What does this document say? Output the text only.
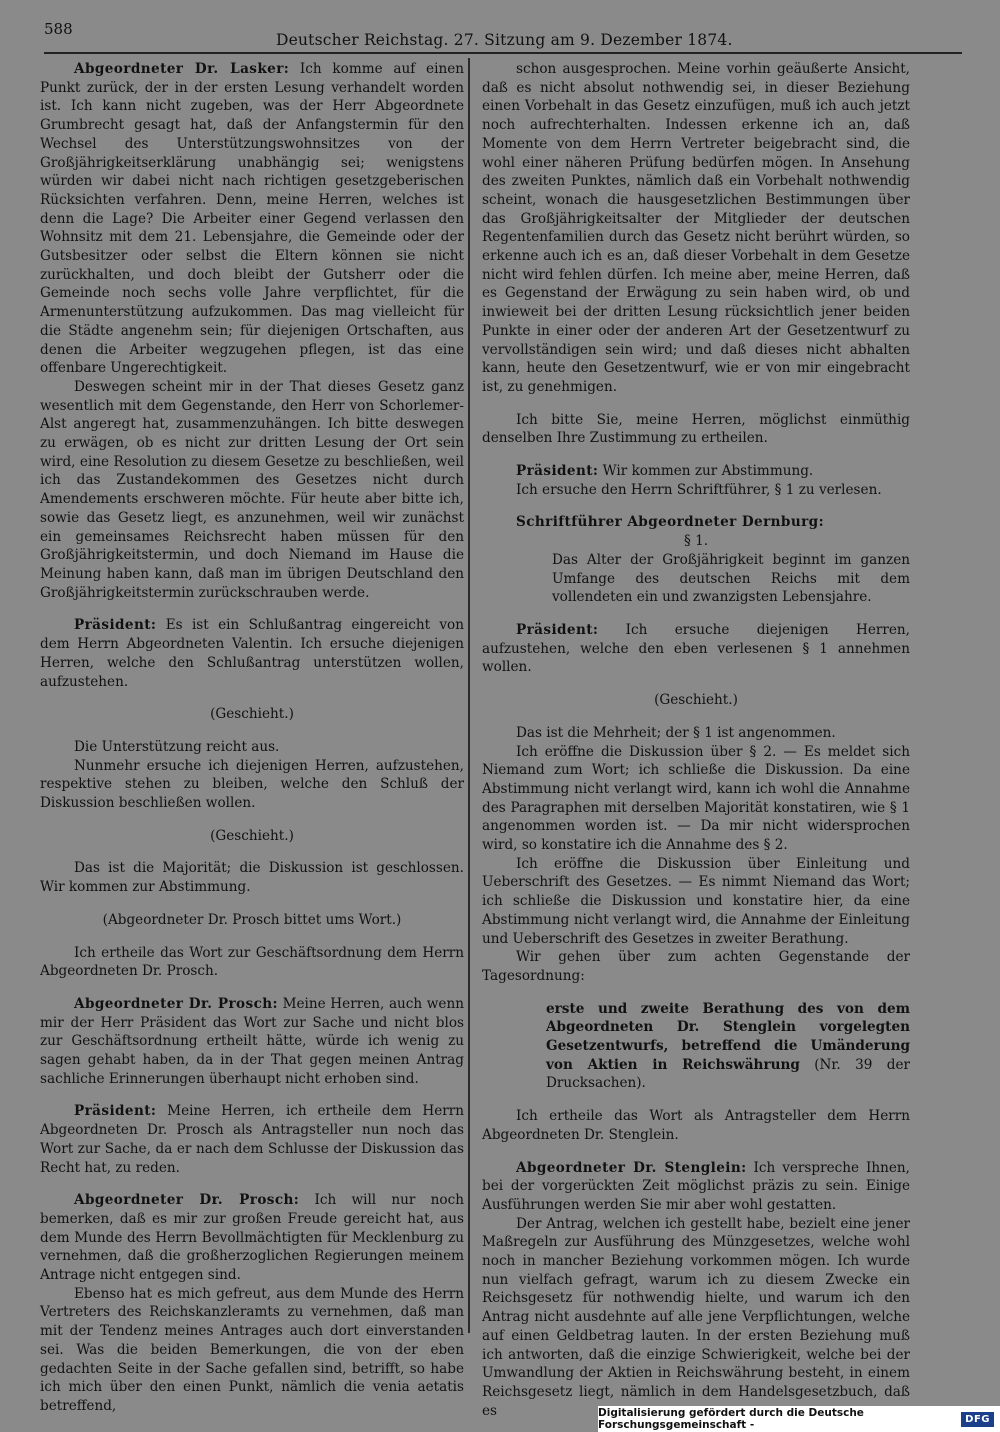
588
Deutscher Reichstag. 27. Sitzung am 9. Dezember 1874.

Abgeordneter Dr. Lasker: Ich komme auf einen Punkt zurück, der in der ersten Lesung verhandelt worden ist. Ich kann nicht zugeben, was der Herr Abgeordnete Grumbrecht gesagt hat, daß der Anfangstermin für den Wechsel des Unterstützungswohnsitzes von der Großjährigkeitserklärung unabhängig sei; wenigstens würden wir dabei nicht nach richtigen gesetzgeberischen Rücksichten verfahren. Denn, meine Herren, welches ist denn die Lage? Die Arbeiter einer Gegend verlassen den Wohnsitz mit dem 21. Lebensjahre, die Gemeinde oder der Gutsbesitzer oder selbst die Eltern können sie nicht zurückhalten, und doch bleibt der Gutsherr oder die Gemeinde noch sechs volle Jahre verpflichtet, für die Armenunterstützung aufzukommen. Das mag vielleicht für die Städte angenehm sein; für diejenigen Ortschaften, aus denen die Arbeiter wegzugehen pflegen, ist das eine offenbare Ungerechtigkeit.

Deswegen scheint mir in der That dieses Gesetz ganz wesentlich mit dem Gegenstande, den Herr von Schorlemer-Alst angeregt hat, zusammenzuhängen. Ich bitte deswegen zu erwägen, ob es nicht zur dritten Lesung der Ort sein wird, eine Resolution zu diesem Gesetze zu beschließen, weil ich das Zustandekommen des Gesetzes nicht durch Amendements erschweren möchte. Für heute aber bitte ich, sowie das Gesetz liegt, es anzunehmen, weil wir zunächst ein gemeinsames Reichsrecht haben müssen für den Großjährigkeitstermin, und doch Niemand im Hause die Meinung haben kann, daß man im übrigen Deutschland den Großjährigkeitstermin zurückschrauben werde.

Präsident: Es ist ein Schlußantrag eingereicht von dem Herrn Abgeordneten Valentin. Ich ersuche diejenigen Herren, welche den Schlußantrag unterstützen wollen, aufzustehen.

(Geschieht.)

Die Unterstützung reicht aus.

Nunmehr ersuche ich diejenigen Herren, aufzustehen, respektive stehen zu bleiben, welche den Schluß der Diskussion beschließen wollen.

(Geschieht.)

Das ist die Majorität; die Diskussion ist geschlossen. Wir kommen zur Abstimmung.

(Abgeordneter Dr. Prosch bittet ums Wort.)

Ich ertheile das Wort zur Geschäftsordnung dem Herrn Abgeordneten Dr. Prosch.

Abgeordneter Dr. Prosch: Meine Herren, auch wenn mir der Herr Präsident das Wort zur Sache und nicht blos zur Geschäftsordnung ertheilt hätte, würde ich wenig zu sagen gehabt haben, da in der That gegen meinen Antrag sachliche Erinnerungen überhaupt nicht erhoben sind.

Präsident: Meine Herren, ich ertheile dem Herrn Abgeordneten Dr. Prosch als Antragsteller nun noch das Wort zur Sache, da er nach dem Schlusse der Diskussion das Recht hat, zu reden.

Abgeordneter Dr. Prosch: Ich will nur noch bemerken, daß es mir zur großen Freude gereicht hat, aus dem Munde des Herrn Bevollmächtigten für Mecklenburg zu vernehmen, daß die großherzoglichen Regierungen meinem Antrage nicht entgegen sind.

Ebenso hat es mich gefreut, aus dem Munde des Herrn Vertreters des Reichskanzleramts zu vernehmen, daß man mit der Tendenz meines Antrages auch dort einverstanden sei. Was die beiden Bemerkungen, die von der eben gedachten Seite in der Sache gefallen sind, betrifft, so habe ich mich über den einen Punkt, nämlich die venia aetatis betreffend,

schon ausgesprochen. Meine vorhin geäußerte Ansicht, daß es nicht absolut nothwendig sei, in dieser Beziehung einen Vorbehalt in das Gesetz einzufügen, muß ich auch jetzt noch aufrechterhalten. Indessen erkenne ich an, daß Momente von dem Herrn Vertreter beigebracht sind, die wohl einer näheren Prüfung bedürfen mögen. In Ansehung des zweiten Punktes, nämlich daß ein Vorbehalt nothwendig scheint, wonach die hausgesetzlichen Bestimmungen über das Großjährigkeitsalter der Mitglieder der deutschen Regentenfamilien durch das Gesetz nicht berührt würden, so erkenne auch ich es an, daß dieser Vorbehalt in dem Gesetze nicht wird fehlen dürfen. Ich meine aber, meine Herren, daß es Gegenstand der Erwägung zu sein haben wird, ob und inwieweit bei der dritten Lesung rücksichtlich jener beiden Punkte in einer oder der anderen Art der Gesetzentwurf zu vervollständigen sein wird; und daß dieses nicht abhalten kann, heute den Gesetzentwurf, wie er von mir eingebracht ist, zu genehmigen.

Ich bitte Sie, meine Herren, möglichst einmüthig denselben Ihre Zustimmung zu ertheilen.

Präsident: Wir kommen zur Abstimmung.

Ich ersuche den Herrn Schriftführer, § 1 zu verlesen.

Schriftführer Abgeordneter Dernburg:

§ 1.

Das Alter der Großjährigkeit beginnt im ganzen Umfange des deutschen Reichs mit dem vollendeten ein und zwanzigsten Lebensjahre.

Präsident: Ich ersuche diejenigen Herren, aufzustehen, welche den eben verlesenen § 1 annehmen wollen.

(Geschieht.)

Das ist die Mehrheit; der § 1 ist angenommen.

Ich eröffne die Diskussion über § 2. — Es meldet sich Niemand zum Wort; ich schließe die Diskussion. Da eine Abstimmung nicht verlangt wird, kann ich wohl die Annahme des Paragraphen mit derselben Majorität konstatiren, wie § 1 angenommen worden ist. — Da mir nicht widersprochen wird, so konstatire ich die Annahme des § 2.

Ich eröffne die Diskussion über Einleitung und Ueberschrift des Gesetzes. — Es nimmt Niemand das Wort; ich schließe die Diskussion und konstatire hier, da eine Abstimmung nicht verlangt wird, die Annahme der Einleitung und Ueberschrift des Gesetzes in zweiter Berathung.

Wir gehen über zum achten Gegenstande der Tagesordnung:

erste und zweite Berathung des von dem Abgeordneten Dr. Stenglein vorgelegten Gesetzentwurfs, betreffend die Umänderung von Aktien in Reichswährung (Nr. 39 der Drucksachen).

Ich ertheile das Wort als Antragsteller dem Herrn Abgeordneten Dr. Stenglein.

Abgeordneter Dr. Stenglein: Ich verspreche Ihnen, bei der vorgerückten Zeit möglichst präzis zu sein. Einige Ausführungen werden Sie mir aber wohl gestatten.

Der Antrag, welchen ich gestellt habe, bezielt eine jener Maßregeln zur Ausführung des Münzgesetzes, welche wohl noch in mancher Beziehung vorkommen mögen. Ich wurde nun vielfach gefragt, warum ich zu diesem Zwecke ein Reichsgesetz für nothwendig hielte, und warum ich den Antrag nicht ausdehnte auf alle jene Verpflichtungen, welche auf einen Geldbetrag lauten. In der ersten Beziehung muß ich antworten, daß die einzige Schwierigkeit, welche bei der Umwandlung der Aktien in Reichswährung besteht, in einem Reichsgesetz liegt, nämlich in dem Handelsgesetzbuch, daß es	Digitalisierung gefördert durch die Deutsche Forschungsgemeinschaft -	DFG
